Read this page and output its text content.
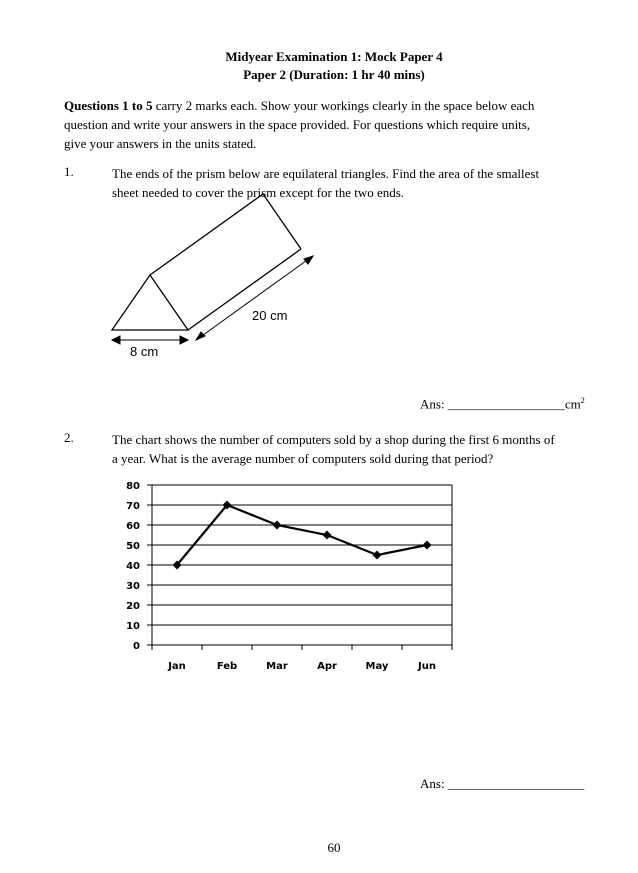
Midyear Examination 1: Mock Paper 4
Paper 2 (Duration: 1 hr 40 mins)
Questions 1 to 5 carry 2 marks each. Show your workings clearly in the space below each
question and write your answers in the space provided. For questions which require units,
give your answers in the units stated.
1.	The ends of the prism below are equilateral triangles. Find the area of the smallest
sheet needed to cover the prism except for the two ends.
20 cm
8 cm
Ans: $\_\_\_\_\_\_\_\_\_\_\_\_\_\_\_\_\_\_cm^2$
2.	The chart shows the number of computers sold by a shop during the first 6 months of
a year. What is the average number of computers sold during that period?
0
10
20
30
40
50
60
70
80
Jan	Feb	Mar	Apr	May	Jun
Ans: _____________________
60
